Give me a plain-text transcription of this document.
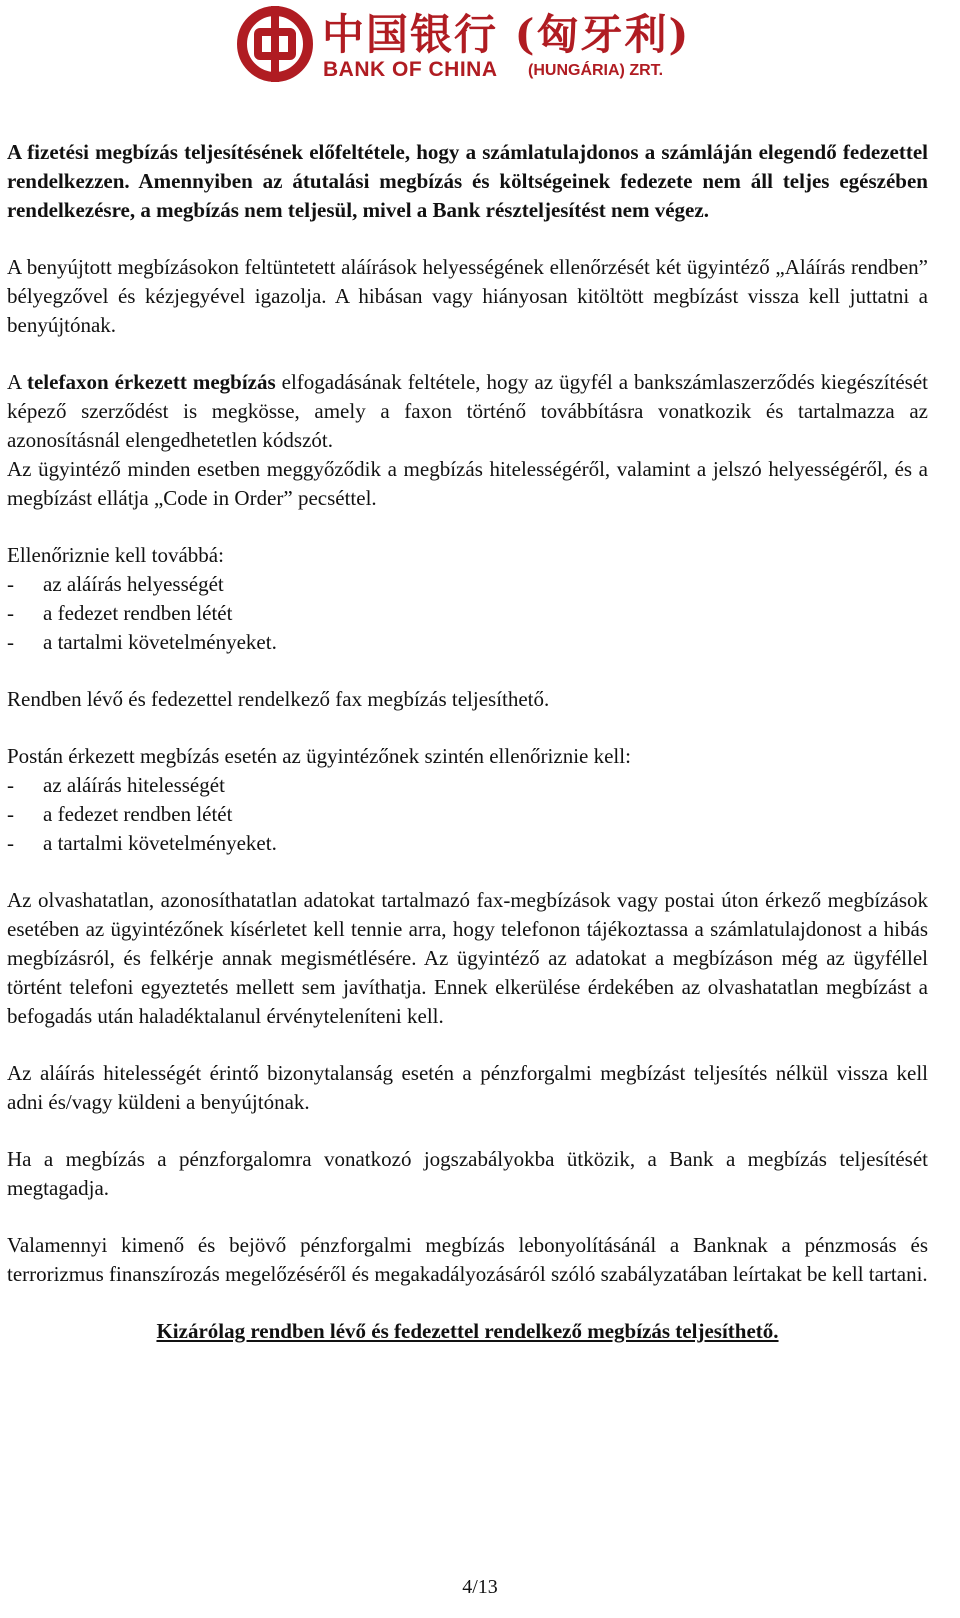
中国银行 (匈牙利)
BANK OF CHINA (HUNGÁRIA) ZRT.

A fizetési megbízás teljesítésének előfeltétele, hogy a számlatulajdonos a számláján elegendő fedezettel rendelkezzen. Amennyiben az átutalási megbízás és költségeinek fedezete nem áll teljes egészében rendelkezésre, a megbízás nem teljesül, mivel a Bank részteljesítést nem végez.

A benyújtott megbízásokon feltüntetett aláírások helyességének ellenőrzését két ügyintéző „Aláírás rendben” bélyegzővel és kézjegyével igazolja. A hibásan vagy hiányosan kitöltött megbízást vissza kell juttatni a benyújtónak.

A telefaxon érkezett megbízás elfogadásának feltétele, hogy az ügyfél a bankszámlaszerződés kiegészítését képező szerződést is megkösse, amely a faxon történő továbbításra vonatkozik és tartalmazza az azonosításnál elengedhetetlen kódszót.

Az ügyintéző minden esetben meggyőződik a megbízás hitelességéről, valamint a jelszó helyességéről, és a megbízást ellátja „Code in Order” pecséttel.

Ellenőriznie kell továbbá:

-	az aláírás helyességét
-	a fedezet rendben létét
-	a tartalmi követelményeket.

Rendben lévő és fedezettel rendelkező fax megbízás teljesíthető.

Postán érkezett megbízás esetén az ügyintézőnek szintén ellenőriznie kell:

-	az aláírás hitelességét
-	a fedezet rendben létét
-	a tartalmi követelményeket.

Az olvashatatlan, azonosíthatatlan adatokat tartalmazó fax-megbízások vagy postai úton érkező megbízások esetében az ügyintézőnek kísérletet kell tennie arra, hogy telefonon tájékoztassa a számlatulajdonost a hibás megbízásról, és felkérje annak megismétlésére. Az ügyintéző az adatokat a megbízáson még az ügyféllel történt telefoni egyeztetés mellett sem javíthatja. Ennek elkerülése érdekében az olvashatatlan megbízást a befogadás után haladéktalanul érvényteleníteni kell.

Az aláírás hitelességét érintő bizonytalanság esetén a pénzforgalmi megbízást teljesítés nélkül vissza kell adni és/vagy küldeni a benyújtónak.

Ha a megbízás a pénzforgalomra vonatkozó jogszabályokba ütközik, a Bank a megbízás teljesítését megtagadja.

Valamennyi kimenő és bejövő pénzforgalmi megbízás lebonyolításánál a Banknak a pénzmosás és terrorizmus finanszírozás megelőzéséről és megakadályozásáról szóló szabályzatában leírtakat be kell tartani.

Kizárólag rendben lévő és fedezettel rendelkező megbízás teljesíthető.

4/13
